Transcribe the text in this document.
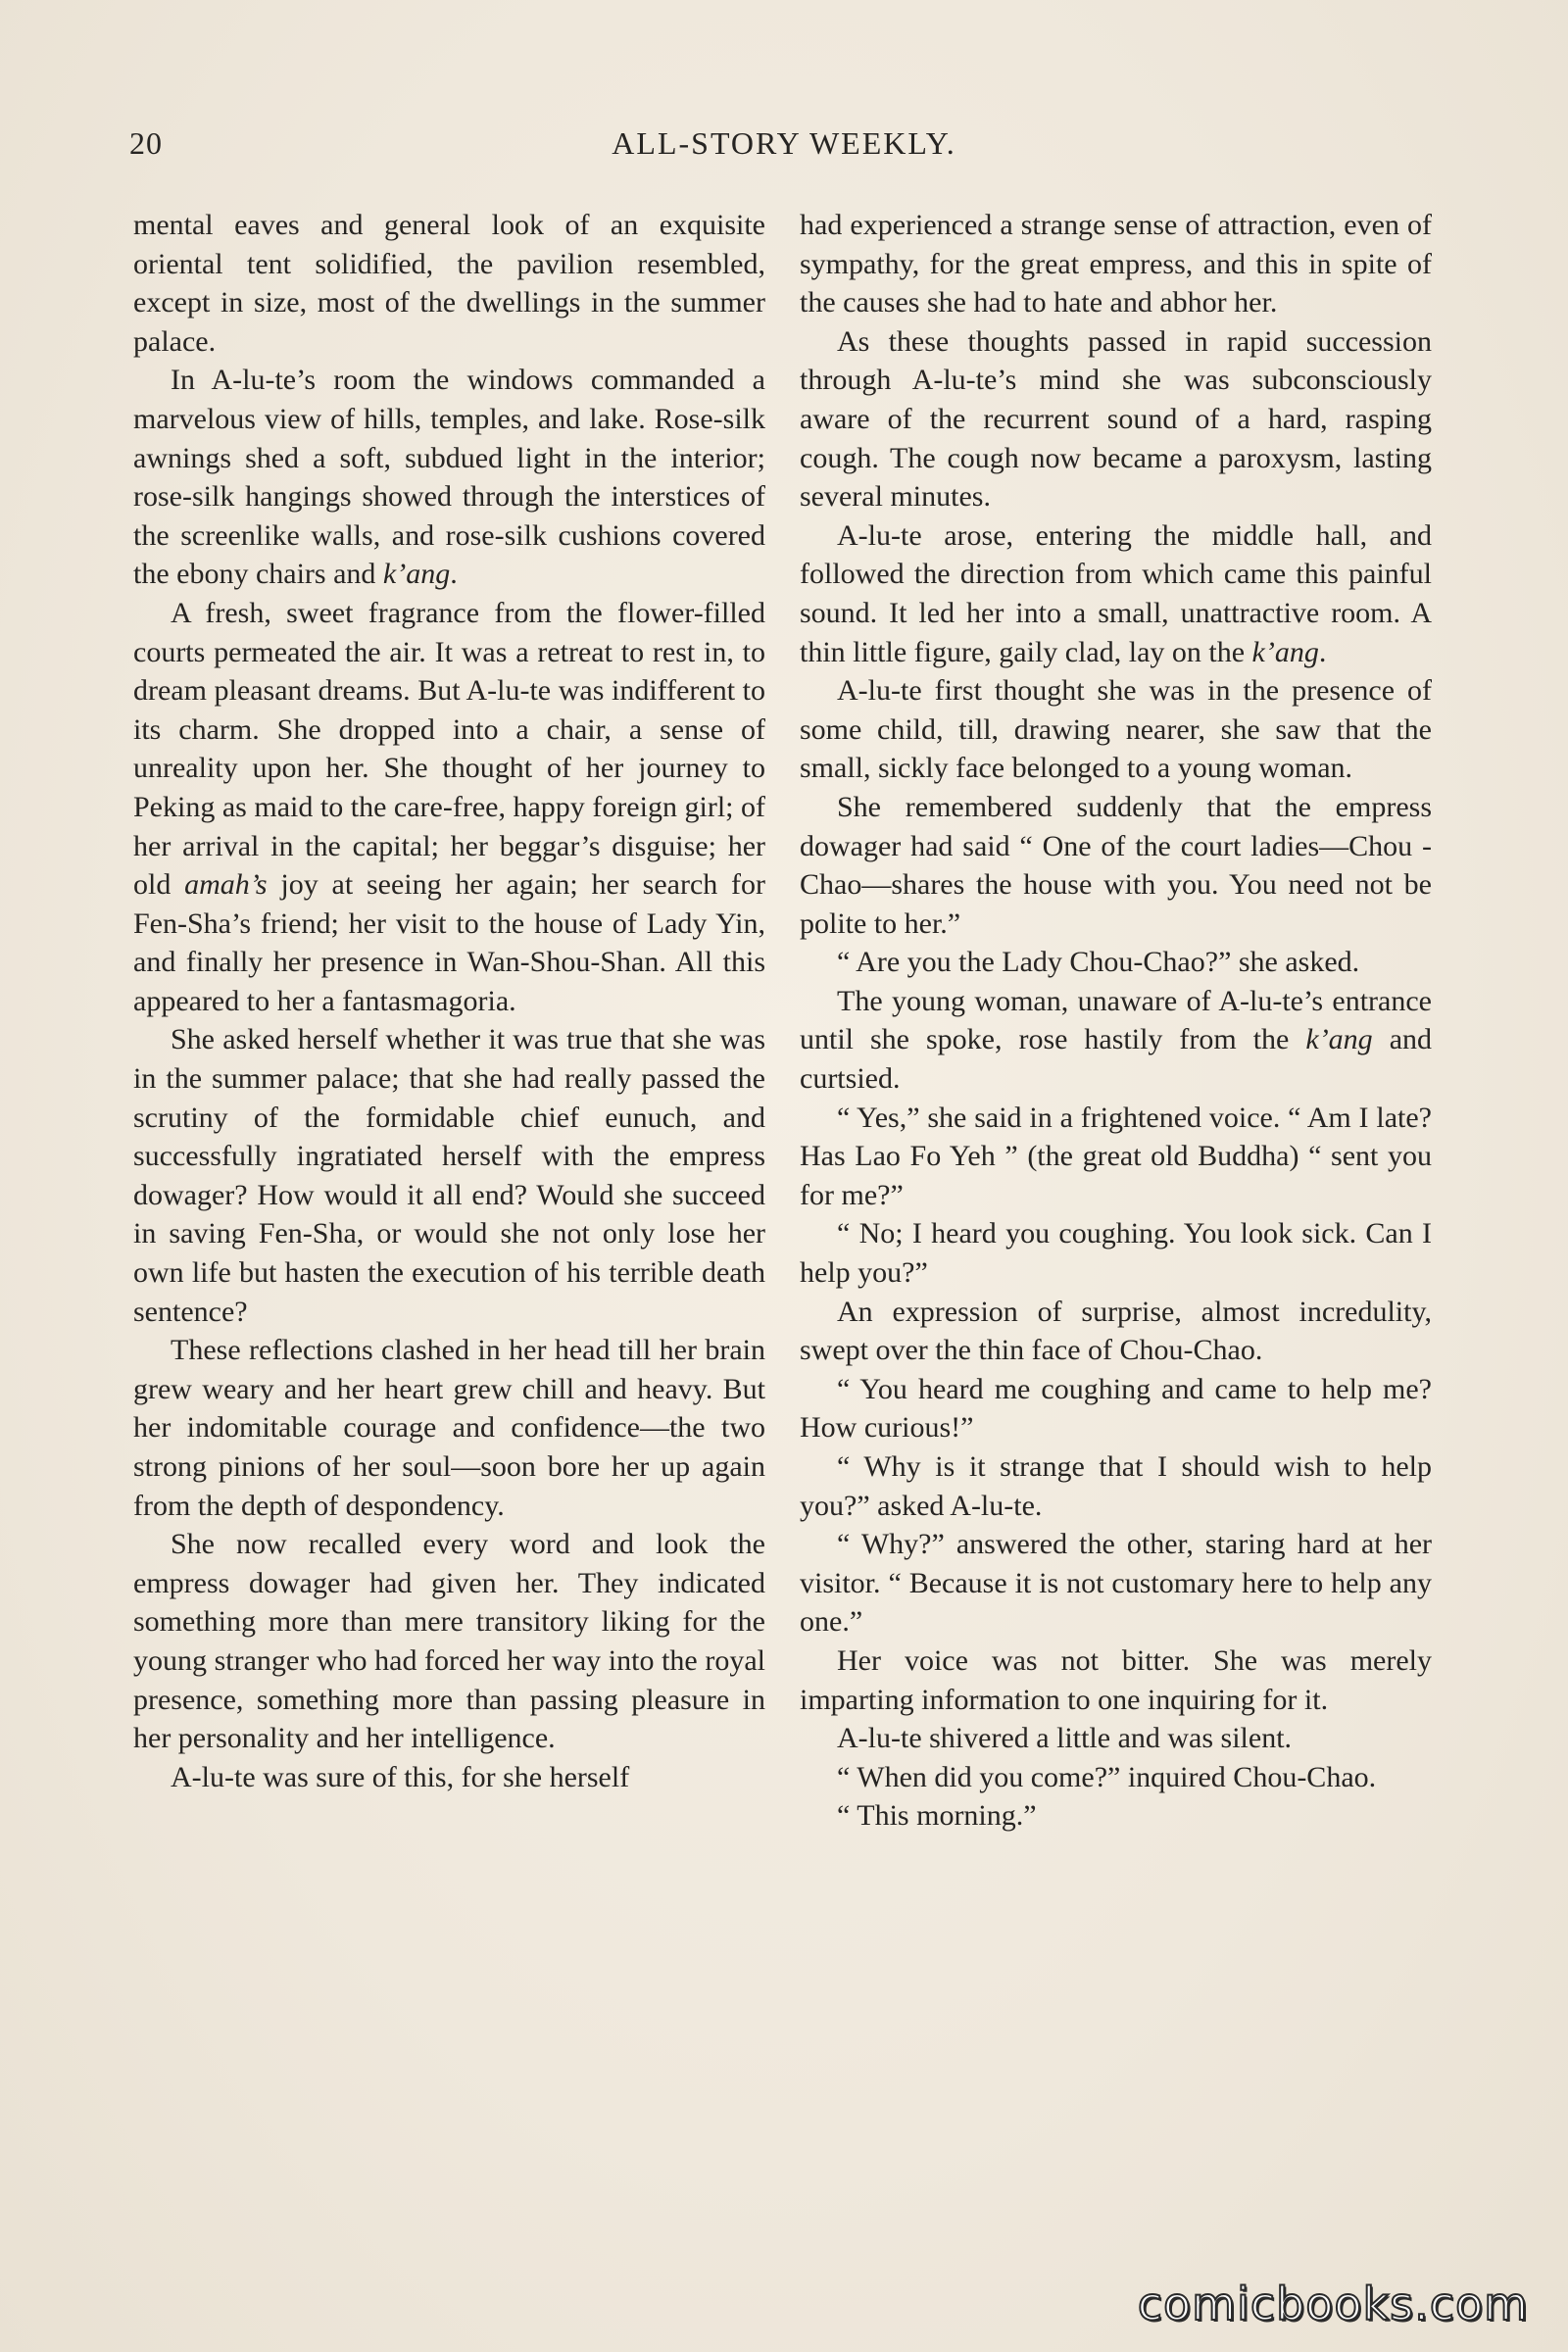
20	ALL-STORY WEEKLY.

mental eaves and general look of an exquisite oriental tent solidified, the pavilion resembled, except in size, most of the dwellings in the summer palace.

In A-lu-te’s room the windows commanded a marvelous view of hills, temples, and lake. Rose-silk awnings shed a soft, subdued light in the interior; rose-silk hangings showed through the interstices of the screenlike walls, and rose-silk cushions covered the ebony chairs and k’ang.

A fresh, sweet fragrance from the flower-filled courts permeated the air. It was a retreat to rest in, to dream pleasant dreams. But A-lu-te was indifferent to its charm. She dropped into a chair, a sense of unreality upon her. She thought of her journey to Peking as maid to the care-free, happy foreign girl; of her arrival in the capital; her beggar’s disguise; her old amah’s joy at seeing her again; her search for Fen-Sha’s friend; her visit to the house of Lady Yin, and finally her presence in Wan-Shou-Shan. All this appeared to her a fantasmagoria.

She asked herself whether it was true that she was in the summer palace; that she had really passed the scrutiny of the formidable chief eunuch, and successfully ingratiated herself with the empress dowager? How would it all end? Would she succeed in saving Fen-Sha, or would she not only lose her own life but hasten the execution of his terrible death sentence?

These reflections clashed in her head till her brain grew weary and her heart grew chill and heavy. But her indomitable courage and confidence—the two strong pinions of her soul—soon bore her up again from the depth of despondency.

She now recalled every word and look the empress dowager had given her. They indicated something more than mere transitory liking for the young stranger who had forced her way into the royal presence, something more than passing pleasure in her personality and her intelligence.

A-lu-te was sure of this, for she herself

had experienced a strange sense of attraction, even of sympathy, for the great empress, and this in spite of the causes she had to hate and abhor her.

As these thoughts passed in rapid succession through A-lu-te’s mind she was subconsciously aware of the recurrent sound of a hard, rasping cough. The cough now became a paroxysm, lasting several minutes.

A-lu-te arose, entering the middle hall, and followed the direction from which came this painful sound. It led her into a small, unattractive room. A thin little figure, gaily clad, lay on the k’ang.

A-lu-te first thought she was in the presence of some child, till, drawing nearer, she saw that the small, sickly face belonged to a young woman.

She remembered suddenly that the empress dowager had said “ One of the court ladies—Chou - Chao—shares the house with you. You need not be polite to her.”

“ Are you the Lady Chou-Chao?” she asked.

The young woman, unaware of A-lu-te’s entrance until she spoke, rose hastily from the k’ang and curtsied.

“ Yes,” she said in a frightened voice. “ Am I late? Has Lao Fo Yeh ” (the great old Buddha) “ sent you for me?”

“ No; I heard you coughing. You look sick. Can I help you?”

An expression of surprise, almost incredulity, swept over the thin face of Chou-Chao.

“ You heard me coughing and came to help me? How curious!”

“ Why is it strange that I should wish to help you?” asked A-lu-te.

“ Why?” answered the other, staring hard at her visitor. “ Because it is not customary here to help any one.”

Her voice was not bitter. She was merely imparting information to one inquiring for it.

A-lu-te shivered a little and was silent.

“ When did you come?” inquired Chou-Chao.

“ This morning.”

comicbooks.com
